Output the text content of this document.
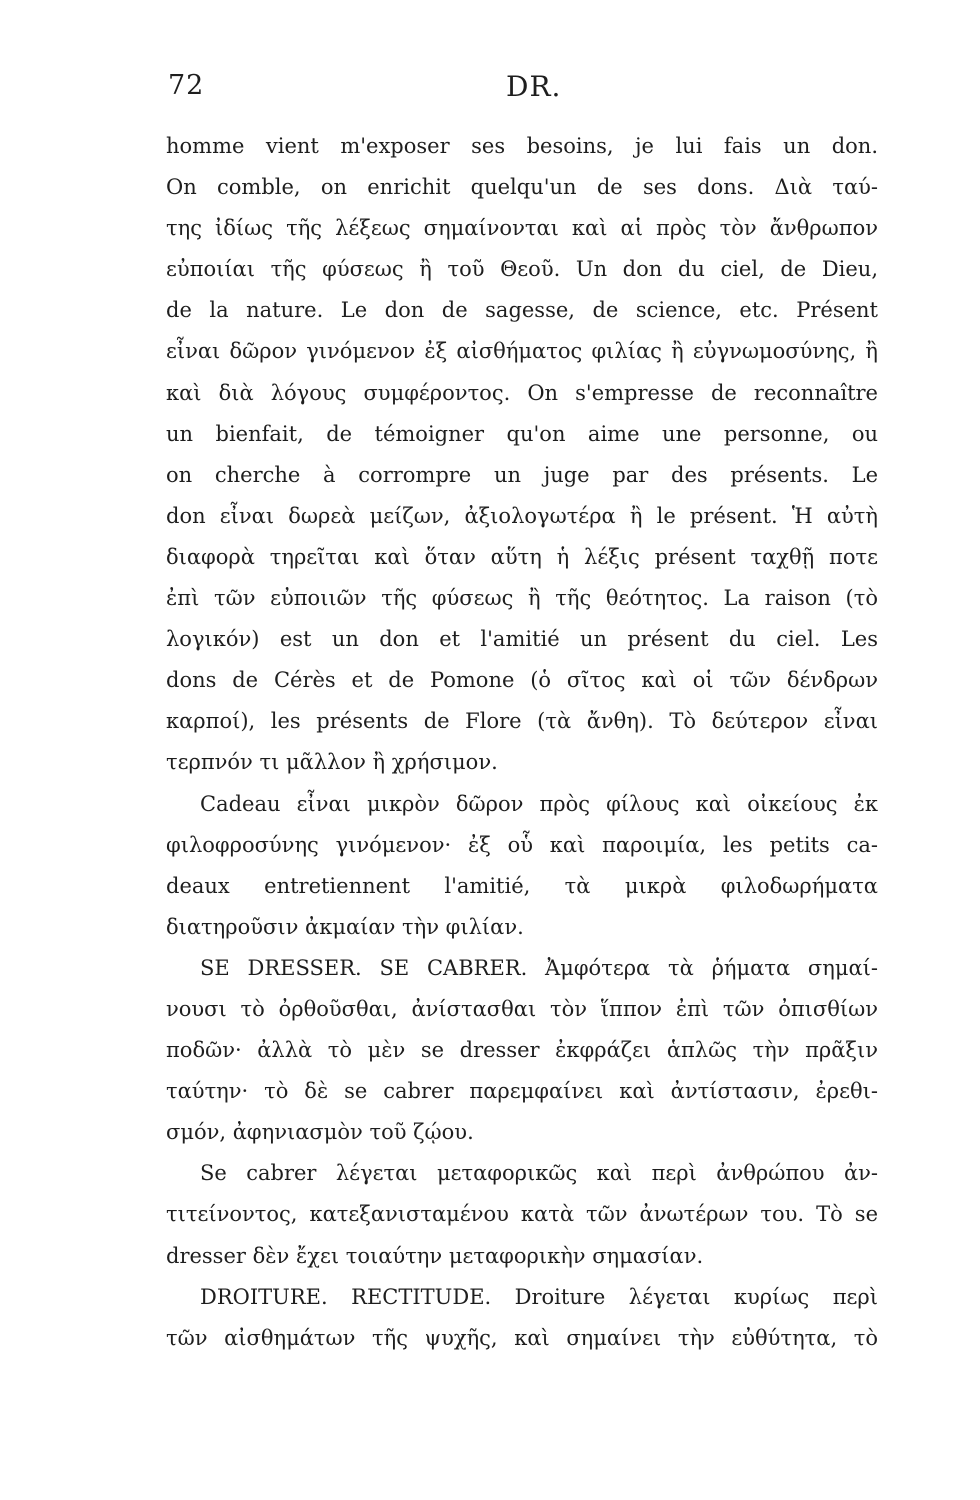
72	DR.
homme vient m'exposer ses besoins, je lui fais un don.
On comble, on enrichit quelqu'un de ses dons. Διὰ ταύ-
της ἰδίως τῆς λέξεως σημαίνονται καὶ αἱ πρὸς τὸν ἄνθρωπον
εὐποιίαι τῆς φύσεως ἢ τοῦ Θεοῦ. Un don du ciel, de Dieu,
de la nature. Le don de sagesse, de science, etc. Présent
εἶναι δῶρον γινόμενον ἐξ αἰσθήματος φιλίας ἢ εὐγνωμοσύνης, ἢ
καὶ διὰ λόγους συμφέροντος. On s'empresse de reconnaître
un bienfait, de témoigner qu'on aime une personne, ou
on cherche à corrompre un juge par des présents. Le
don εἶναι δωρεὰ μείζων, ἀξιολογωτέρα ἢ le présent. Ἡ αὐτὴ
διαφορὰ τηρεῖται καὶ ὅταν αὕτη ἡ λέξις présent ταχθῇ ποτε
ἐπὶ τῶν εὐποιιῶν τῆς φύσεως ἢ τῆς θεότητος. La raison (τὸ
λογικόν) est un don et l'amitié un présent du ciel. Les
dons de Cérès et de Pomone (ὁ σῖτος καὶ οἱ τῶν δένδρων
καρποί), les présents de Flore (τὰ ἄνθη). Τὸ δεύτερον εἶναι
τερπνόν τι μᾶλλον ἢ χρήσιμον.
Cadeau εἶναι μικρὸν δῶρον πρὸς φίλους καὶ οἰκείους ἐκ
φιλοφροσύνης γινόμενον· ἐξ οὗ καὶ παροιμία, les petits ca-
deaux entretiennent l'amitié, τὰ μικρὰ φιλοδωρήματα
διατηροῦσιν ἀκμαίαν τὴν φιλίαν.
SE DRESSER. SE CABRER. Ἀμφότερα τὰ ῥήματα σημαί-
νουσι τὸ ὀρθοῦσθαι, ἀνίστασθαι τὸν ἵππον ἐπὶ τῶν ὀπισθίων
ποδῶν· ἀλλὰ τὸ μὲν se dresser ἐκφράζει ἁπλῶς τὴν πρᾶξιν
ταύτην· τὸ δὲ se cabrer παρεμφαίνει καὶ ἀντίστασιν, ἐρεθι-
σμόν, ἀφηνιασμὸν τοῦ ζῴου.
Se cabrer λέγεται μεταφορικῶς καὶ περὶ ἀνθρώπου ἀν-
τιτείνοντος, κατεξανισταμένου κατὰ τῶν ἀνωτέρων του. Τὸ se
dresser δὲν ἔχει τοιαύτην μεταφορικὴν σημασίαν.
DROITURE. RECTITUDE. Droiture λέγεται κυρίως περὶ
τῶν αἰσθημάτων τῆς ψυχῆς, καὶ σημαίνει τὴν εὐθύτητα, τὸ
